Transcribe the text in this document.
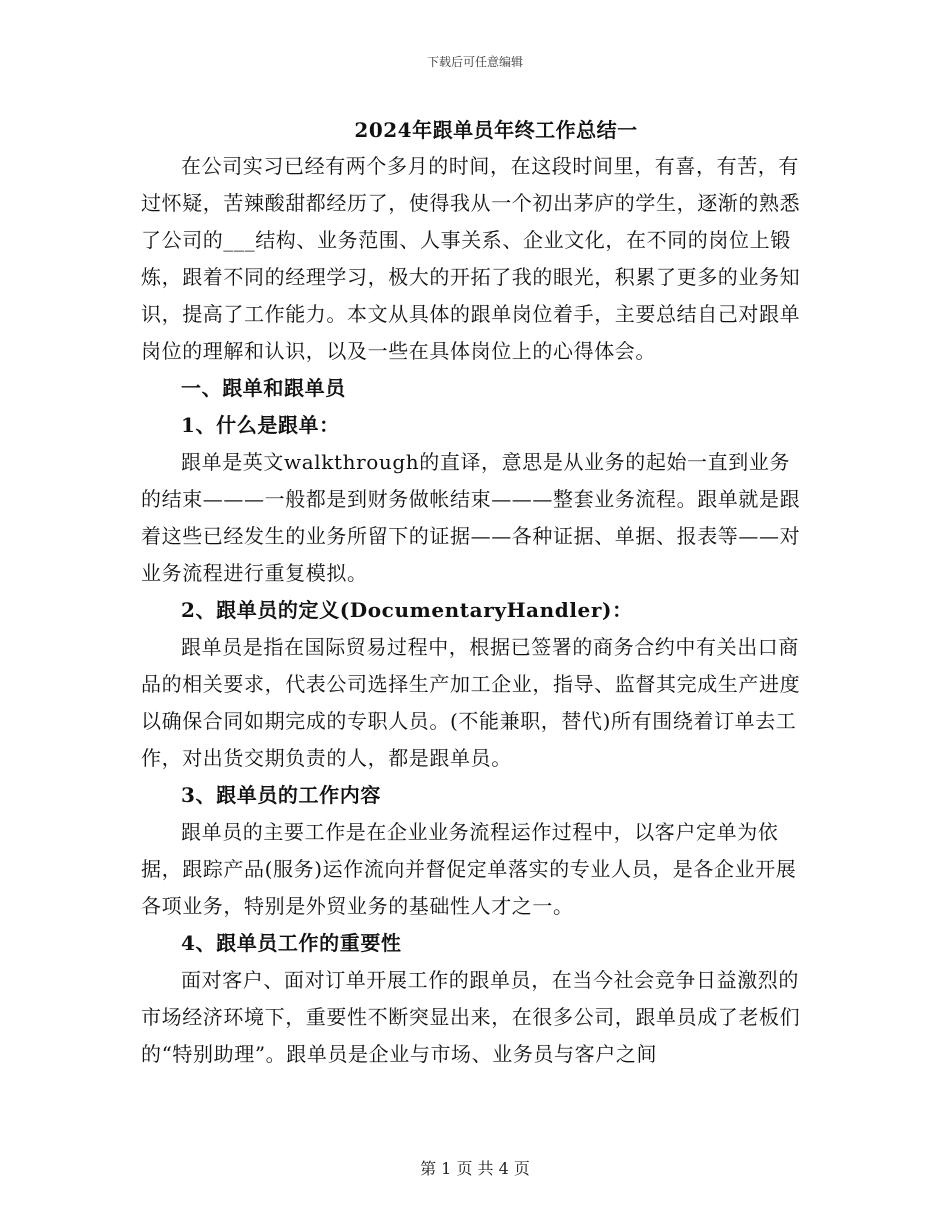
下载后可任意编辑
2024年跟单员年终工作总结一

在公司实习已经有两个多月的时间，在这段时间里，有喜，有苦，有过怀疑，苦辣酸甜都经历了，使得我从一个初出茅庐的学生，逐渐的熟悉了公司的___结构、业务范围、人事关系、企业文化，在不同的岗位上锻炼，跟着不同的经理学习，极大的开拓了我的眼光，积累了更多的业务知识，提高了工作能力。本文从具体的跟单岗位着手，主要总结自己对跟单岗位的理解和认识，以及一些在具体岗位上的心得体会。

一、跟单和跟单员
1、什么是跟单：

跟单是英文walkthrough的直译，意思是从业务的起始一直到业务的结束———一般都是到财务做帐结束———整套业务流程。跟单就是跟着这些已经发生的业务所留下的证据——各种证据、单据、报表等——对业务流程进行重复模拟。

2、跟单员的定义(DocumentaryHandler)：

跟单员是指在国际贸易过程中，根据已签署的商务合约中有关出口商品的相关要求，代表公司选择生产加工企业，指导、监督其完成生产进度以确保合同如期完成的专职人员。(不能兼职，替代)所有围绕着订单去工作，对出货交期负责的人，都是跟单员。

3、跟单员的工作内容

跟单员的主要工作是在企业业务流程运作过程中，以客户定单为依据，跟踪产品(服务)运作流向并督促定单落实的专业人员，是各企业开展各项业务，特别是外贸业务的基础性人才之一。

4、跟单员工作的重要性

面对客户、面对订单开展工作的跟单员，在当今社会竞争日益激烈的市场经济环境下，重要性不断突显出来，在很多公司，跟单员成了老板们的“特别助理”。跟单员是企业与市场、业务员与客户之间

第 1 页 共 4 页
